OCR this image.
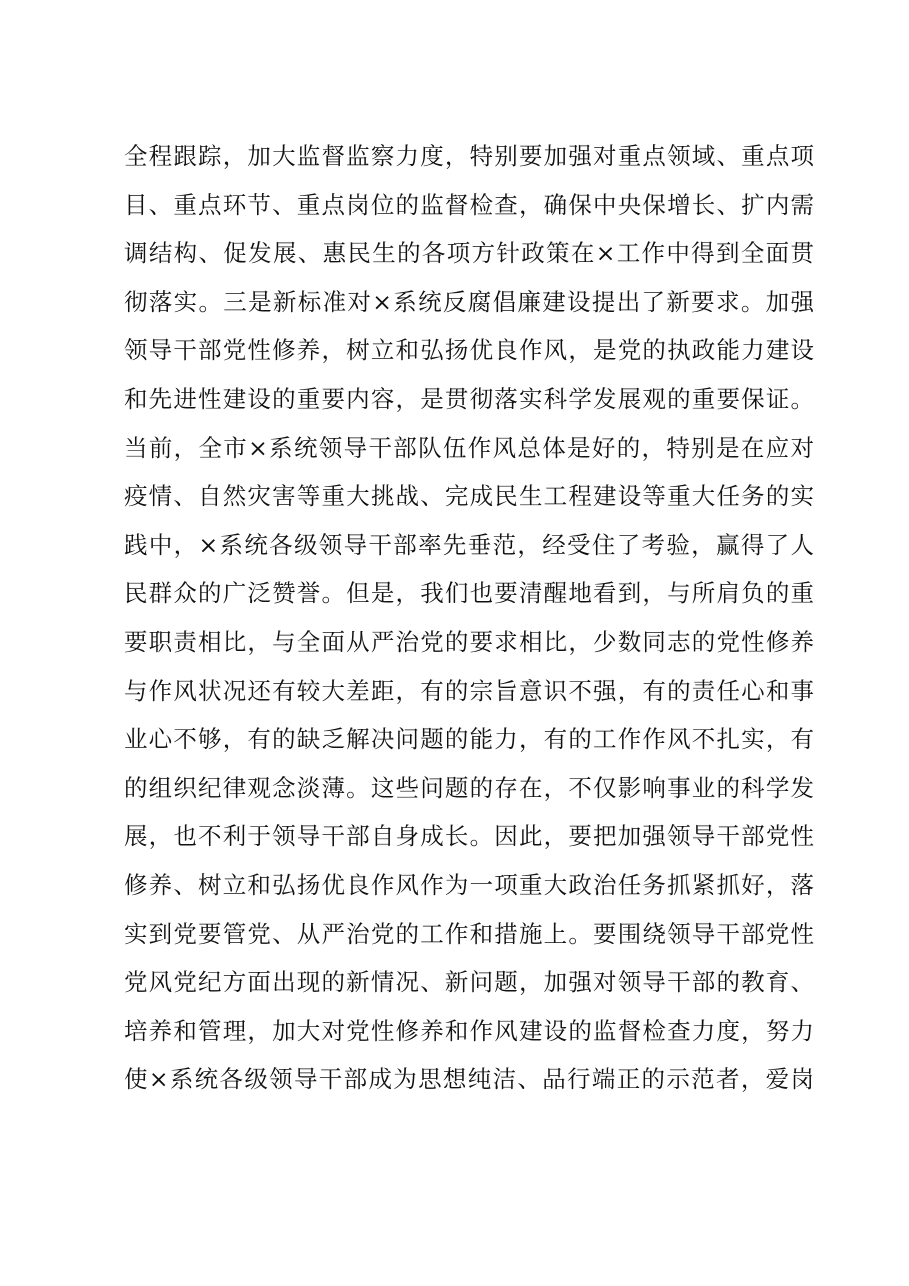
全程跟踪，加大监督监察力度，特别要加强对重点领域、重点项
目、重点环节、重点岗位的监督检查，确保中央保增长、扩内需
调结构、促发展、惠民生的各项方针政策在×工作中得到全面贯
彻落实。三是新标准对×系统反腐倡廉建设提出了新要求。加强
领导干部党性修养，树立和弘扬优良作风，是党的执政能力建设
和先进性建设的重要内容，是贯彻落实科学发展观的重要保证。
当前，全市×系统领导干部队伍作风总体是好的，特别是在应对
疫情、自然灾害等重大挑战、完成民生工程建设等重大任务的实
践中，×系统各级领导干部率先垂范，经受住了考验，赢得了人
民群众的广泛赞誉。但是，我们也要清醒地看到，与所肩负的重
要职责相比，与全面从严治党的要求相比，少数同志的党性修养
与作风状况还有较大差距，有的宗旨意识不强，有的责任心和事
业心不够，有的缺乏解决问题的能力，有的工作作风不扎实，有
的组织纪律观念淡薄。这些问题的存在，不仅影响事业的科学发
展，也不利于领导干部自身成长。因此，要把加强领导干部党性
修养、树立和弘扬优良作风作为一项重大政治任务抓紧抓好，落
实到党要管党、从严治党的工作和措施上。要围绕领导干部党性
党风党纪方面出现的新情况、新问题，加强对领导干部的教育、
培养和管理，加大对党性修养和作风建设的监督检查力度，努力
使×系统各级领导干部成为思想纯洁、品行端正的示范者，爱岗
